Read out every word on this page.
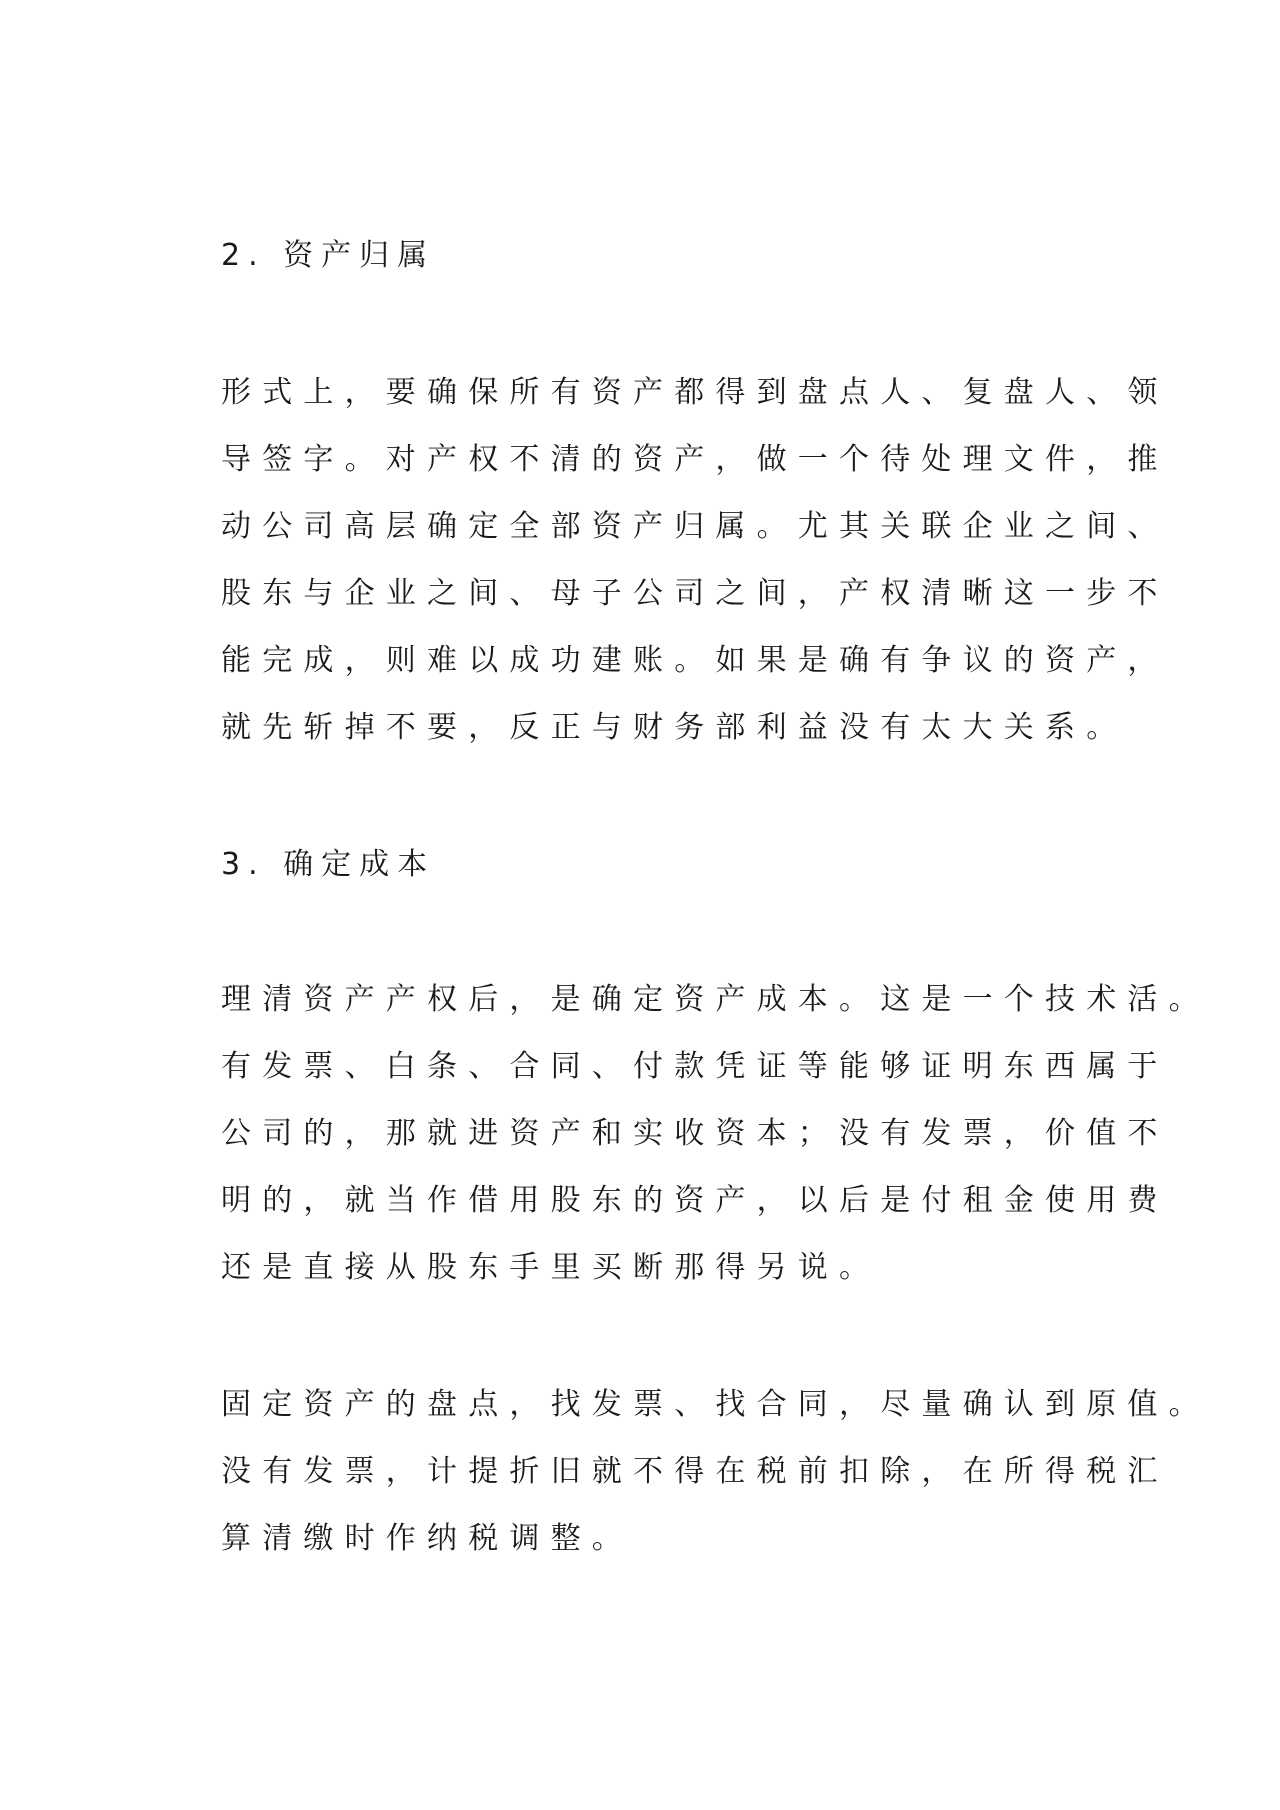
2. 资产归属
形式上，要确保所有资产都得到盘点人、复盘人、领
导签字。对产权不清的资产，做一个待处理文件，推
动公司高层确定全部资产归属。尤其关联企业之间、
股东与企业之间、母子公司之间，产权清晰这一步不
能完成，则难以成功建账。如果是确有争议的资产，
就先斩掉不要，反正与财务部利益没有太大关系。
3. 确定成本
理清资产产权后，是确定资产成本。这是一个技术活。
有发票、白条、合同、付款凭证等能够证明东西属于
公司的，那就进资产和实收资本；没有发票，价值不
明的，就当作借用股东的资产，以后是付租金使用费
还是直接从股东手里买断那得另说。
固定资产的盘点，找发票、找合同，尽量确认到原值。
没有发票，计提折旧就不得在税前扣除，在所得税汇
算清缴时作纳税调整。
